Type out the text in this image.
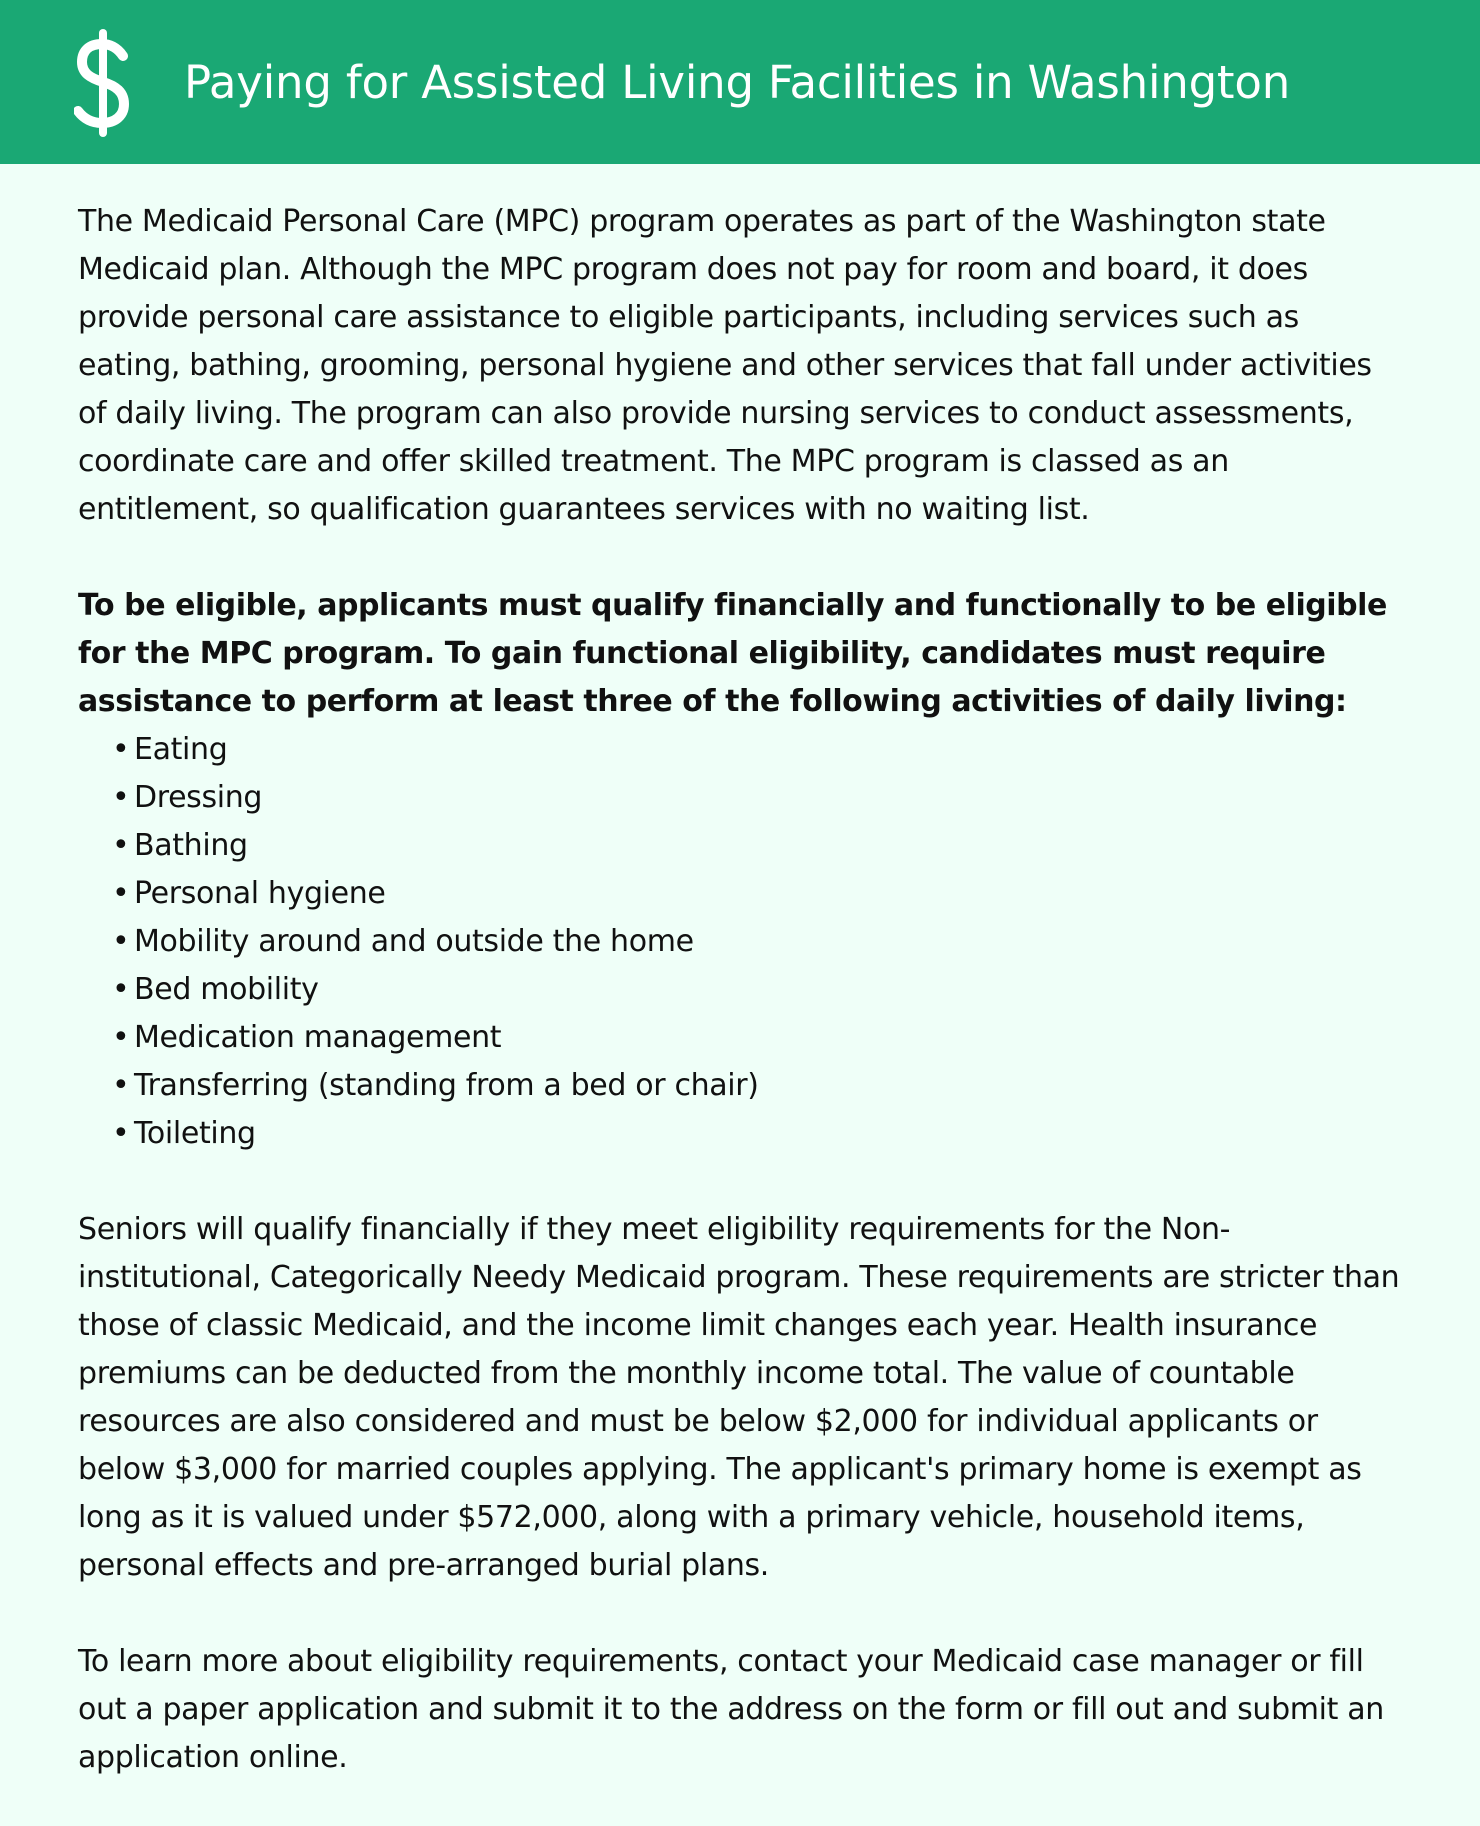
Paying for Assisted Living Facilities in Washington

The Medicaid Personal Care (MPC) program operates as part of the Washington state Medicaid plan. Although the MPC program does not pay for room and board, it does provide personal care assistance to eligible participants, including services such as eating, bathing, grooming, personal hygiene and other services that fall under activities of daily living. The program can also provide nursing services to conduct assessments, coordinate care and offer skilled treatment. The MPC program is classed as an entitlement, so qualification guarantees services with no waiting list.

To be eligible, applicants must qualify financially and functionally to be eligible for the MPC program. To gain functional eligibility, candidates must require assistance to perform at least three of the following activities of daily living:

• Eating
• Dressing
• Bathing
• Personal hygiene
• Mobility around and outside the home
• Bed mobility
• Medication management
• Transferring (standing from a bed or chair)
• Toileting

Seniors will qualify financially if they meet eligibility requirements for the Non-institutional, Categorically Needy Medicaid program. These requirements are stricter than those of classic Medicaid, and the income limit changes each year. Health insurance premiums can be deducted from the monthly income total. The value of countable resources are also considered and must be below $2,000 for individual applicants or below $3,000 for married couples applying. The applicant's primary home is exempt as long as it is valued under $572,000, along with a primary vehicle, household items, personal effects and pre-arranged burial plans.

To learn more about eligibility requirements, contact your Medicaid case manager or fill out a paper application and submit it to the address on the form or fill out and submit an application online.
